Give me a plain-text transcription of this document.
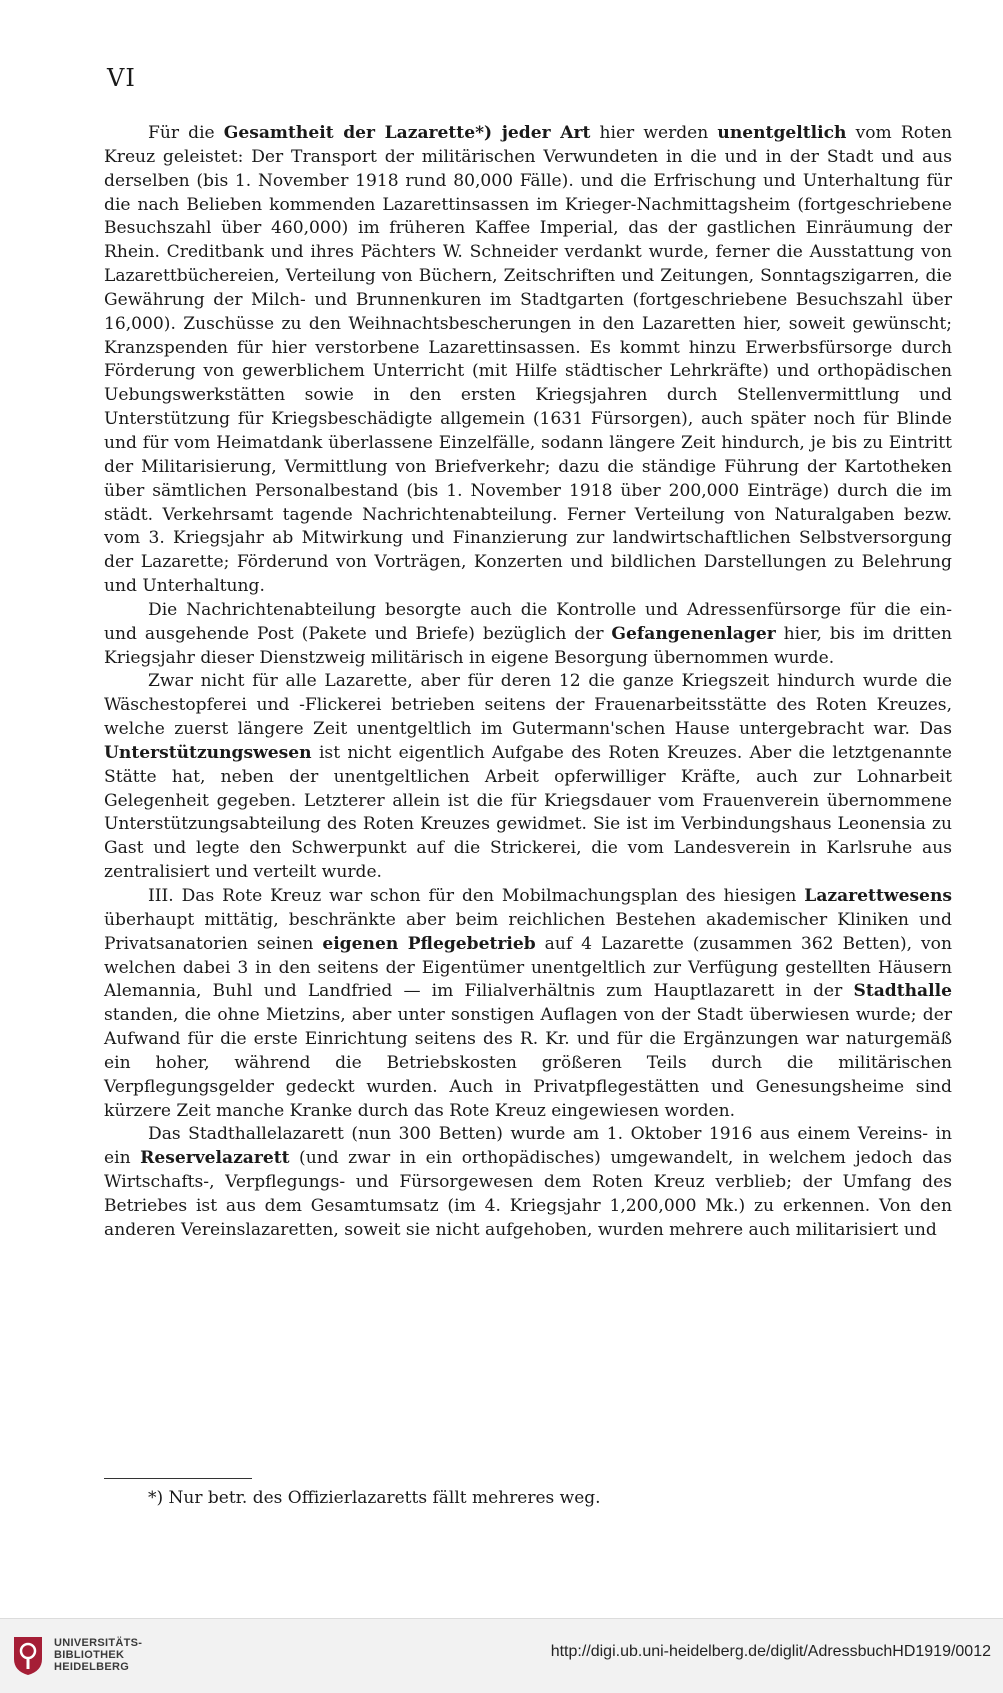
VI

Für die Gesamtheit der Lazarette*) jeder Art hier werden unentgeltlich vom Roten Kreuz geleistet: Der Transport der militärischen Verwundeten in die und in der Stadt und aus derselben (bis 1. November 1918 rund 80,000 Fälle). und die Erfrischung und Unterhaltung für die nach Belieben kommenden Lazarettinsassen im Krieger-Nachmittagsheim (fortgeschriebene Besuchszahl über 460,000) im früheren Kaffee Imperial, das der gastlichen Einräumung der Rhein. Creditbank und ihres Pächters W. Schneider verdankt wurde, ferner die Ausstattung von Lazarettbüchereien, Verteilung von Büchern, Zeitschriften und Zeitungen, Sonntagszigarren, die Gewährung der Milch- und Brunnenkuren im Stadtgarten (fortgeschriebene Besuchszahl über 16,000). Zuschüsse zu den Weihnachtsbescherungen in den Lazaretten hier, soweit gewünscht; Kranzspenden für hier verstorbene Lazarettinsassen. Es kommt hinzu Erwerbsfürsorge durch Förderung von gewerblichem Unterricht (mit Hilfe städtischer Lehrkräfte) und orthopädischen Uebungswerkstätten sowie in den ersten Kriegsjahren durch Stellenvermittlung und Unterstützung für Kriegsbeschädigte allgemein (1631 Fürsorgen), auch später noch für Blinde und für vom Heimatdank überlassene Einzelfälle, sodann längere Zeit hindurch, je bis zu Eintritt der Militarisierung, Vermittlung von Briefverkehr; dazu die ständige Führung der Kartotheken über sämtlichen Personalbestand (bis 1. November 1918 über 200,000 Einträge) durch die im städt. Verkehrsamt tagende Nachrichtenabteilung. Ferner Verteilung von Naturalgaben bezw. vom 3. Kriegsjahr ab Mitwirkung und Finanzierung zur landwirtschaftlichen Selbstversorgung der Lazarette; Förderund von Vorträgen, Konzerten und bildlichen Darstellungen zu Belehrung und Unterhaltung.

Die Nachrichtenabteilung besorgte auch die Kontrolle und Adressenfürsorge für die ein- und ausgehende Post (Pakete und Briefe) bezüglich der Gefangenenlager hier, bis im dritten Kriegsjahr dieser Dienstzweig militärisch in eigene Besorgung übernommen wurde.

Zwar nicht für alle Lazarette, aber für deren 12 die ganze Kriegszeit hindurch wurde die Wäschestopferei und -Flickerei betrieben seitens der Frauenarbeitsstätte des Roten Kreuzes, welche zuerst längere Zeit unentgeltlich im Gutermann'schen Hause untergebracht war. Das Unterstützungswesen ist nicht eigentlich Aufgabe des Roten Kreuzes. Aber die letztgenannte Stätte hat, neben der unentgeltlichen Arbeit opferwilliger Kräfte, auch zur Lohnarbeit Gelegenheit gegeben. Letzterer allein ist die für Kriegsdauer vom Frauenverein übernommene Unterstützungsabteilung des Roten Kreuzes gewidmet. Sie ist im Verbindungshaus Leonensia zu Gast und legte den Schwerpunkt auf die Strickerei, die vom Landesverein in Karlsruhe aus zentralisiert und verteilt wurde.

III. Das Rote Kreuz war schon für den Mobilmachungsplan des hiesigen Lazarettwesens überhaupt mittätig, beschränkte aber beim reichlichen Bestehen akademischer Kliniken und Privatsanatorien seinen eigenen Pflegebetrieb auf 4 Lazarette (zusammen 362 Betten), von welchen dabei 3 in den seitens der Eigentümer unentgeltlich zur Verfügung gestellten Häusern Alemannia, Buhl und Landfried — im Filialverhältnis zum Hauptlazarett in der Stadthalle standen, die ohne Mietzins, aber unter sonstigen Auflagen von der Stadt überwiesen wurde; der Aufwand für die erste Einrichtung seitens des R. Kr. und für die Ergänzungen war naturgemäß ein hoher, während die Betriebskosten größeren Teils durch die militärischen Verpflegungsgelder gedeckt wurden. Auch in Privatpflegestätten und Genesungsheime sind kürzere Zeit manche Kranke durch das Rote Kreuz eingewiesen worden.

Das Stadthallelazarett (nun 300 Betten) wurde am 1. Oktober 1916 aus einem Vereins- in ein Reservelazarett (und zwar in ein orthopädisches) umgewandelt, in welchem jedoch das Wirtschafts-, Verpflegungs- und Fürsorgewesen dem Roten Kreuz verblieb; der Umfang des Betriebes ist aus dem Gesamtumsatz (im 4. Kriegsjahr 1,200,000 Mk.) zu erkennen. Von den anderen Vereinslazaretten, soweit sie nicht aufgehoben, wurden mehrere auch militarisiert und

*) Nur betr. des Offizierlazaretts fällt mehreres weg.
UNIVERSITÄTS-
BIBLIOTHEK
HEIDELBERG
http://digi.ub.uni-heidelberg.de/diglit/AdressbuchHD1919/0012
